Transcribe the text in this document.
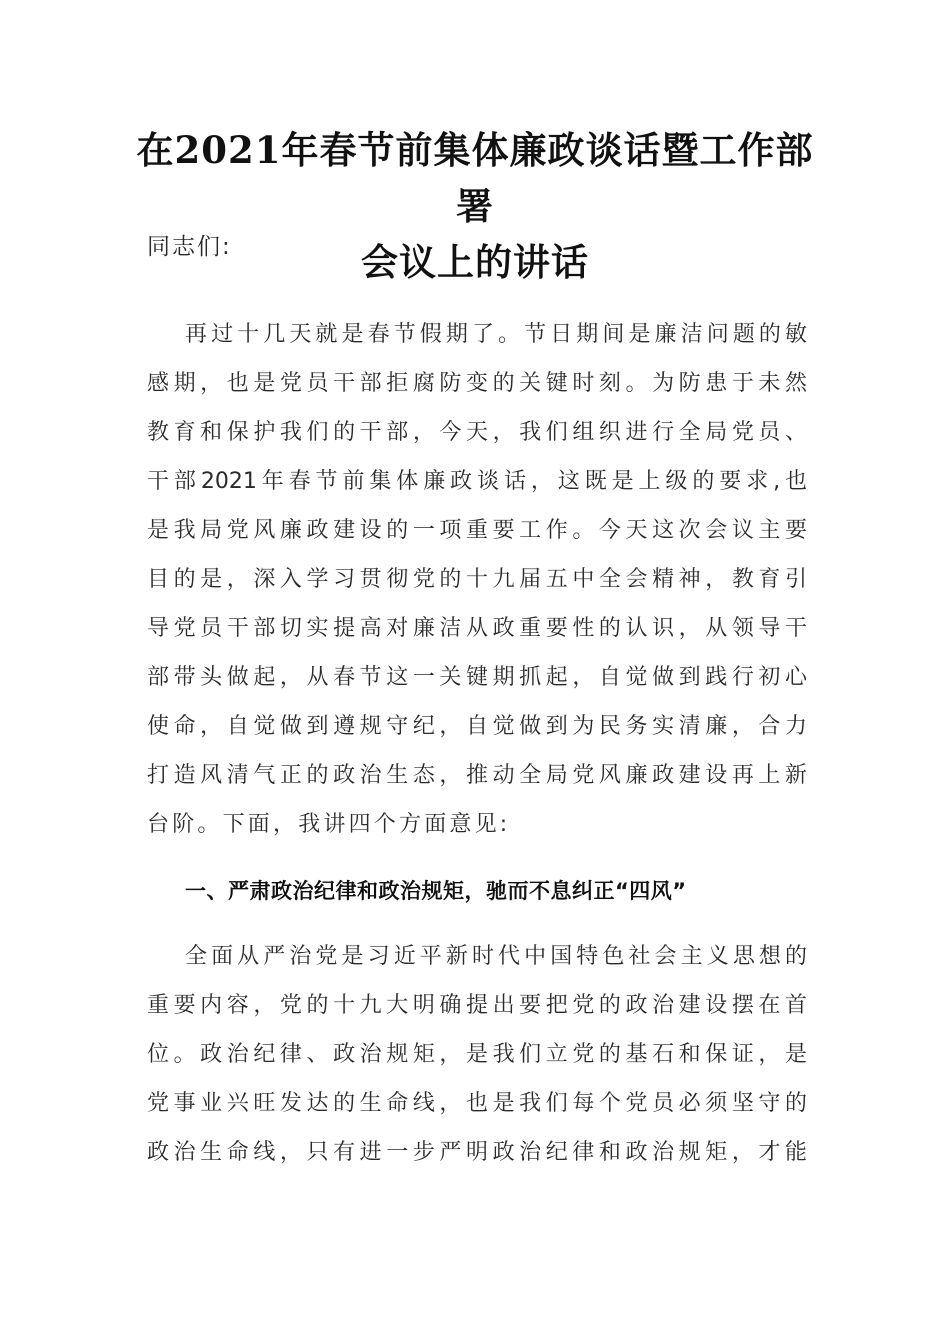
在2021年春节前集体廉政谈话暨工作部署
会议上的讲话

同志们:

再过十几天就是春节假期了。节日期间是廉洁问题的敏
感期，也是党员干部拒腐防变的关键时刻。为防患于未然
教育和保护我们的干部，今天，我们组织进行全局党员、
干部2021年春节前集体廉政谈话，这既是上级的要求,也
是我局党风廉政建设的一项重要工作。今天这次会议主要
目的是，深入学习贯彻党的十九届五中全会精神，教育引
导党员干部切实提高对廉洁从政重要性的认识，从领导干
部带头做起，从春节这一关键期抓起，自觉做到践行初心
使命，自觉做到遵规守纪，自觉做到为民务实清廉，合力
打造风清气正的政治生态，推动全局党风廉政建设再上新
台阶。下面，我讲四个方面意见:
一、严肃政治纪律和政治规矩，驰而不息纠正“四风”
全面从严治党是习近平新时代中国特色社会主义思想的
重要内容，党的十九大明确提出要把党的政治建设摆在首
位。政治纪律、政治规矩，是我们立党的基石和保证，是
党事业兴旺发达的生命线，也是我们每个党员必须坚守的
政治生命线，只有进一步严明政治纪律和政治规矩，才能
